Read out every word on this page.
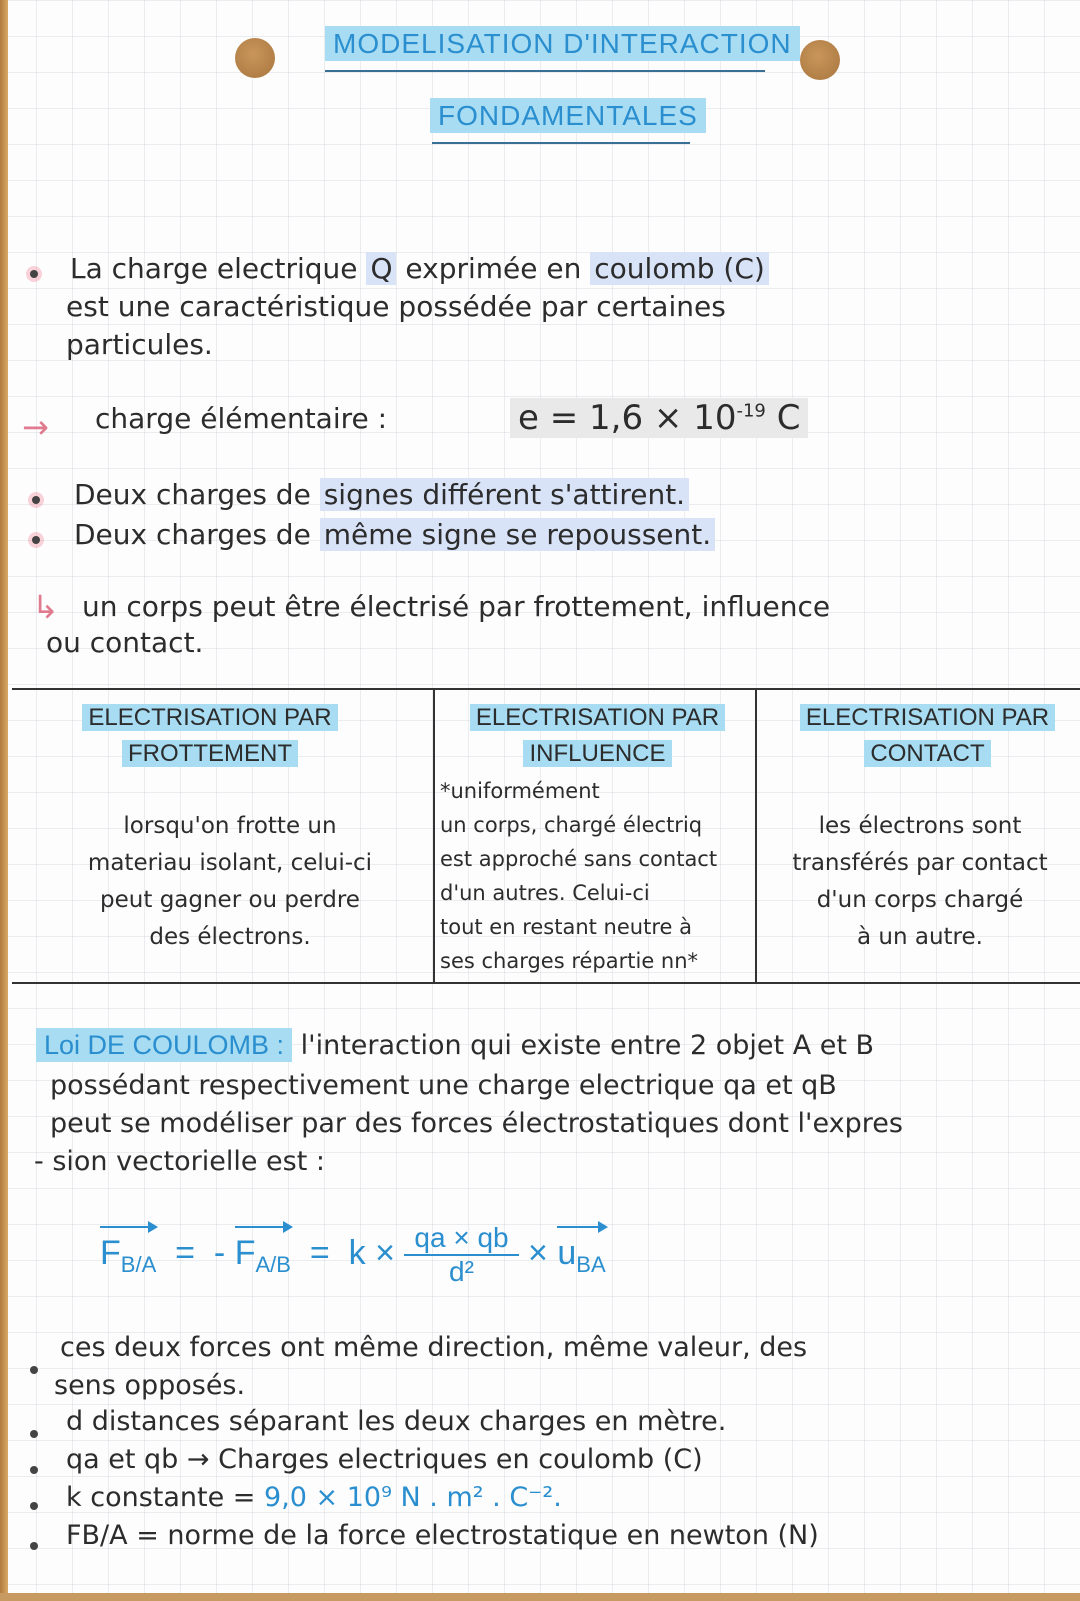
MODELISATION D'INTERACTION
FONDAMENTALES
La charge electrique Q exprimée en coulomb (C)
est une caractéristique possédée par certaines
particules.
→ charge élémentaire :	$e = 1,6 \times 10^{-19}$ C
Deux charges de signes différent s'attirent.
Deux charges de même signe se repoussent.
↳ un corps peut être électrisé par frottement, influence
ou contact.
ELECTRISATION PAR
FROTTEMENT
lorsqu'on frotte un
materiau isolant, celui-ci
peut gagner ou perdre
des électrons.
ELECTRISATION PAR
INFLUENCE
*uniformément
un corps, chargé électriq
est approché sans contact
d'un autres. Celui-ci
tout en restant neutre à
ses charges répartie nn*
ELECTRISATION PAR
CONTACT
les électrons sont
transférés par contact
d'un corps chargé
à un autre.
Loi DE COULOMB : l'interaction qui existe entre 2 objet A et B
possédant respectivement une charge electrique qa et qB
peut se modéliser par des forces électrostatiques dont l'expres
- sion vectorielle est :
$F_{B/A}$ = - $F_{A/B} = k \times \frac{qa \times qb}{\text{d²}} \times u_{BA}$
ces deux forces ont même direction, même valeur, des
sens opposés.
d distances séparant les deux charges en mètre.
qa et qb → Charges electriques en coulomb (C)
k constante = 9,0 × 10⁹ N . m² . C⁻².
FB/A = norme de la force electrostatique en newton (N)
